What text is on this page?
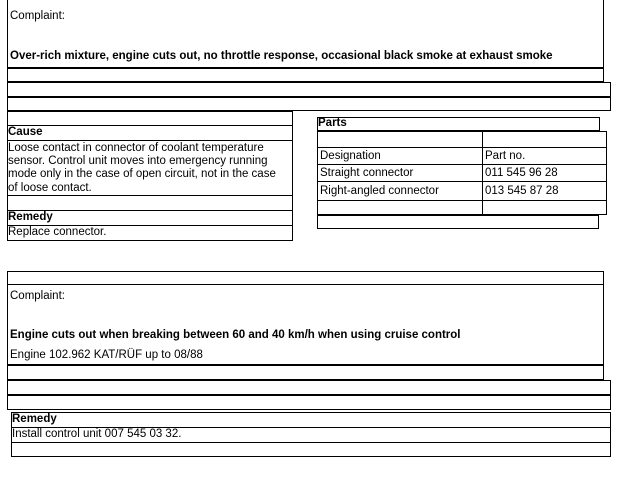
Complaint:
Over-rich mixture, engine cuts out, no throttle response, occasional black smoke at exhaust smoke
Cause
Loose contact in connector of coolant temperature
sensor. Control unit moves into emergency running
mode only in the case of open circuit, not in the case
of loose contact.
Remedy
Replace connector.
Parts
Designation	Part no.
Straight connector	011 545 96 28
Right-angled connector	013 545 87 28
Complaint:
Engine cuts out when breaking between 60 and 40 km/h when using cruise control
Engine 102.962 KAT/RÜF up to 08/88
Remedy
Install control unit 007 545 03 32.
